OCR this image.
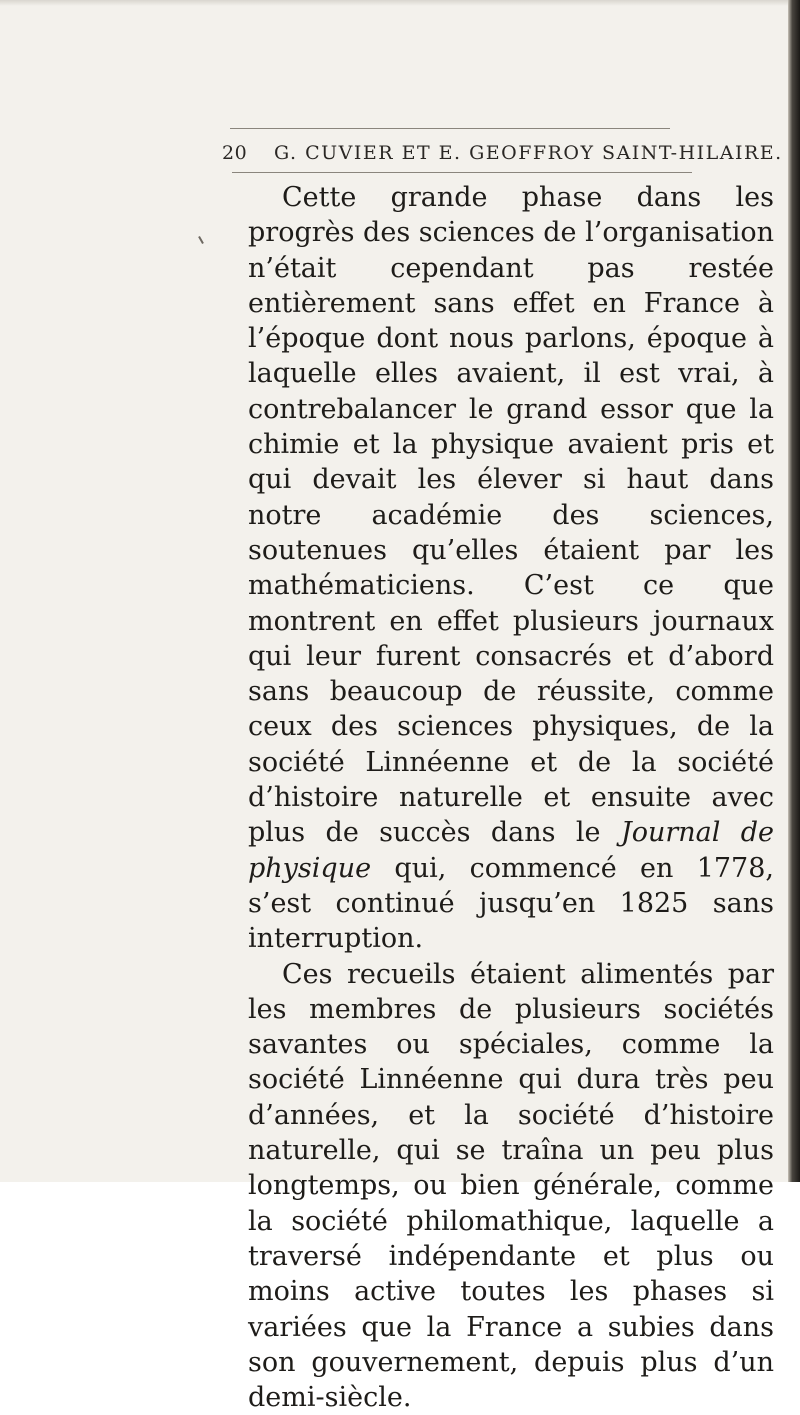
20 G. CUVIER ET E. GEOFFROY SAINT-HILAIRE.

Cette grande phase dans les progrès des sciences de l’organisation n’était cependant pas restée entièrement sans effet en France à l’époque dont nous parlons, époque à laquelle elles avaient, il est vrai, à contrebalancer le grand essor que la chimie et la physique avaient pris et qui devait les élever si haut dans notre académie des sciences, soutenues qu’elles étaient par les mathématiciens. C’est ce que montrent en effet plusieurs journaux qui leur furent consacrés et d’abord sans beaucoup de réussite, comme ceux des sciences physiques, de la société Linnéenne et de la société d’histoire naturelle et ensuite avec plus de succès dans le Journal de physique qui, commencé en 1778, s’est continué jusqu’en 1825 sans interruption.

Ces recueils étaient alimentés par les membres de plusieurs sociétés savantes ou spéciales, comme la société Linnéenne qui dura très peu d’années, et la société d’histoire naturelle, qui se traîna un peu plus longtemps, ou bien générale, comme la société philomathique, laquelle a traversé indépendante et plus ou moins active toutes les phases si variées que la France a subies dans son gouvernement, depuis plus d’un demi-siècle.
